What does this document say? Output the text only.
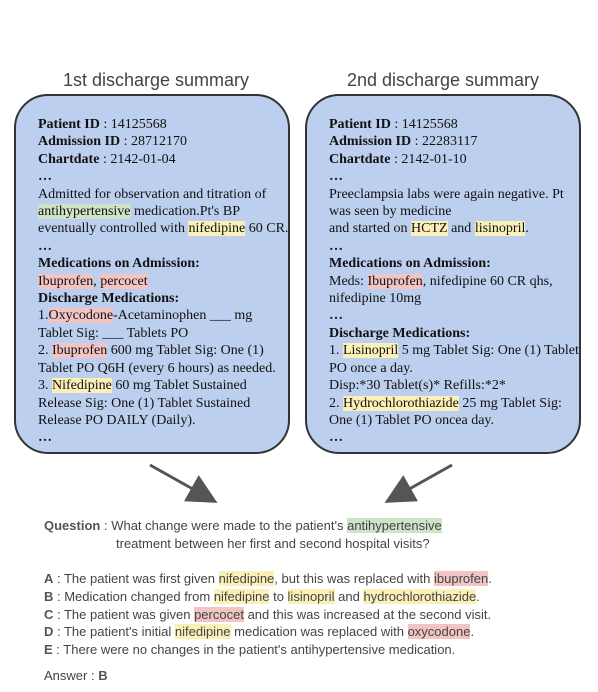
1st discharge summary	2nd discharge summary
Patient ID : 14125568
Admission ID : 28712170
Chartdate : 2142-01-04
…
Admitted for observation and titration of
antihypertensive medication.Pt's BP
eventually controlled with nifedipine 60 CR.
…
Medications on Admission:
Ibuprofen, percocet
Discharge Medications:
1.Oxycodone-Acetaminophen ___ mg
Tablet Sig: ___ Tablets PO
2. Ibuprofen 600 mg Tablet Sig: One (1)
Tablet PO Q6H (every 6 hours) as needed.
3. Nifedipine 60 mg Tablet Sustained
Release Sig: One (1) Tablet Sustained
Release PO DAILY (Daily).
…
Patient ID : 14125568
Admission ID : 22283117
Chartdate : 2142-01-10
…
Preeclampsia labs were again negative. Pt
was seen by medicine
and started on HCTZ and lisinopril.
…
Medications on Admission:
Meds: Ibuprofen, nifedipine 60 CR qhs,
nifedipine 10mg
…
Discharge Medications:
1. Lisinopril 5 mg Tablet Sig: One (1) Tablet
PO once a day.
Disp:*30 Tablet(s)* Refills:*2*
2. Hydrochlorothiazide 25 mg Tablet Sig:
One (1) Tablet PO oncea day.
…
Question : What change were made to the patient's antihypertensive
treatment between her first and second hospital visits?
A : The patient was first given nifedipine, but this was replaced with ibuprofen.
B : Medication changed from nifedipine to lisinopril and hydrochlorothiazide.
C : The patient was given percocet and this was increased at the second visit.
D : The patient's initial nifedipine medication was replaced with oxycodone.
E : There were no changes in the patient's antihypertensive medication.
Answer : B
